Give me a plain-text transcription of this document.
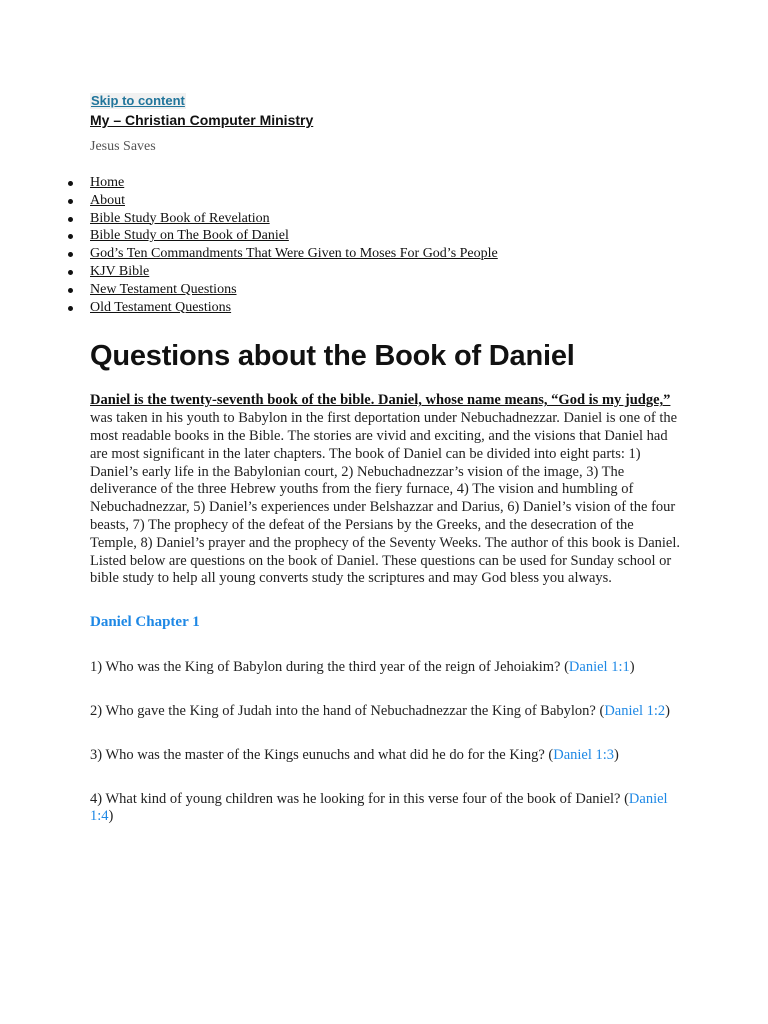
Skip to content
My – Christian Computer Ministry
Jesus Saves
Home
About
Bible Study Book of Revelation
Bible Study on The Book of Daniel
God’s Ten Commandments That Were Given to Moses For God’s People
KJV Bible
New Testament Questions
Old Testament Questions
Questions about the Book of Daniel

Daniel is the twenty-seventh book of the bible. Daniel, whose name means, “God is my judge,” was taken in his youth to Babylon in the first deportation under Nebuchadnezzar. Daniel is one of the most readable books in the Bible. The stories are vivid and exciting, and the visions that Daniel had are most significant in the later chapters. The book of Daniel can be divided into eight parts: 1) Daniel’s early life in the Babylonian court, 2) Nebuchadnezzar’s vision of the image, 3) The deliverance of the three Hebrew youths from the fiery furnace, 4) The vision and humbling of Nebuchadnezzar, 5) Daniel’s experiences under Belshazzar and Darius, 6) Daniel’s vision of the four beasts, 7) The prophecy of the defeat of the Persians by the Greeks, and the desecration of the Temple, 8) Daniel’s prayer and the prophecy of the Seventy Weeks. The author of this book is Daniel. Listed below are questions on the book of Daniel. These questions can be used for Sunday school or bible study to help all young converts study the scriptures and may God bless you always.

Daniel Chapter 1

1) Who was the King of Babylon during the third year of the reign of Jehoiakim? (Daniel 1:1)

2) Who gave the King of Judah into the hand of Nebuchadnezzar the King of Babylon? (Daniel 1:2)

3) Who was the master of the Kings eunuchs and what did he do for the King? (Daniel 1:3)

4) What kind of young children was he looking for in this verse four of the book of Daniel? (Daniel 1:4)
